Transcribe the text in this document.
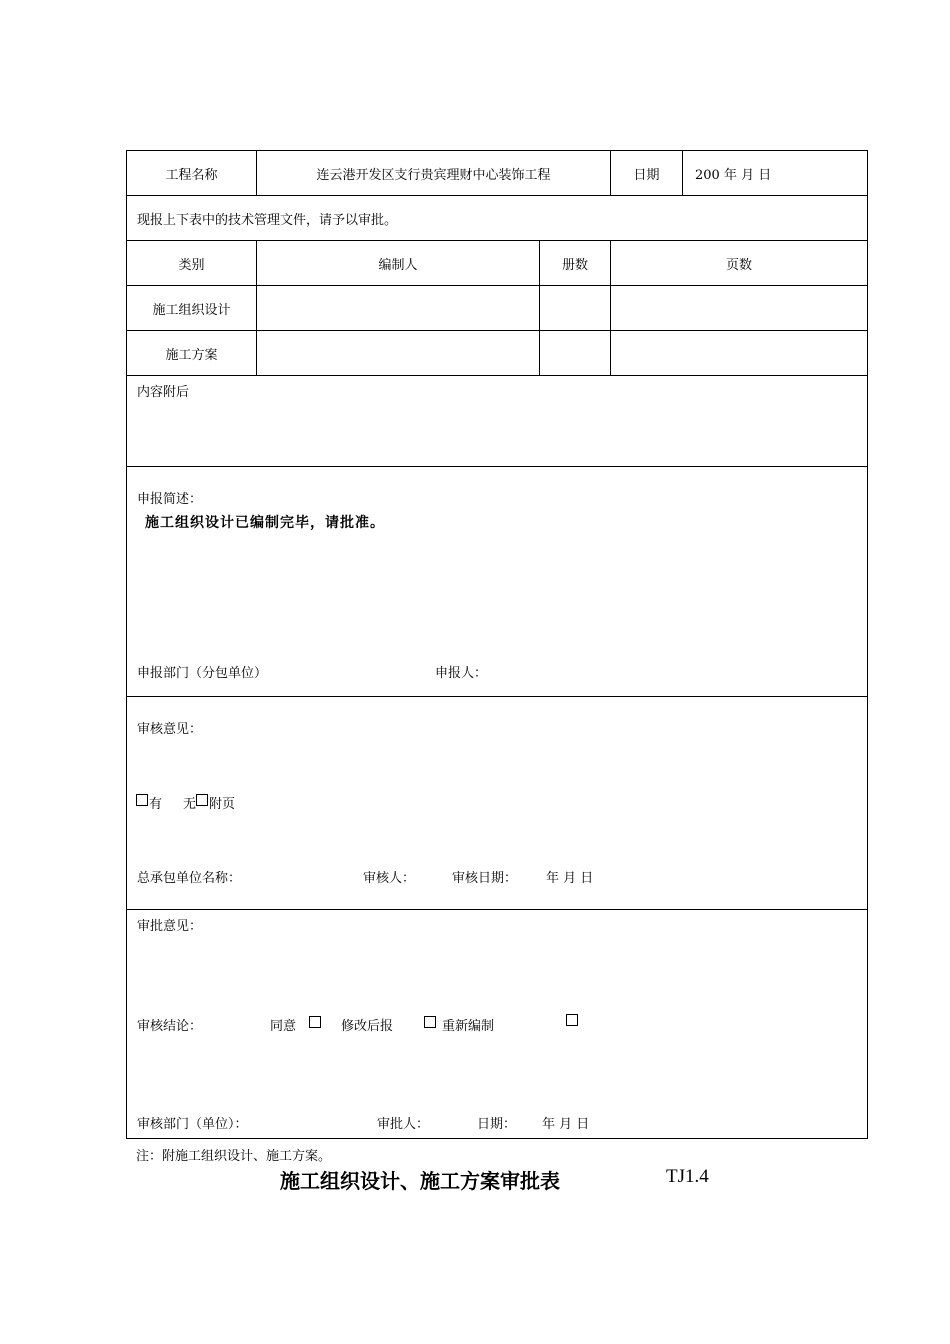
工程名称	连云港开发区支行贵宾理财中心装饰工程	日期	200 年 月 日
现报上下表中的技术管理文件，请予以审批。
类别	编制人	册数	页数
施工组织设计
施工方案
内容附后
申报简述：
施工组织设计已编制完毕，请批准。
申报部门（分包单位）	申报人：
审核意见：
有 无 附页
总承包单位名称：	审核人：	审核日期： 年 月 日
审批意见：
审核结论：	同意	修改后报	重新编制
审核部门（单位）：	审批人：	日期： 年 月 日
注：附施工组织设计、施工方案。
施工组织设计、施工方案审批表	TJ1.4
